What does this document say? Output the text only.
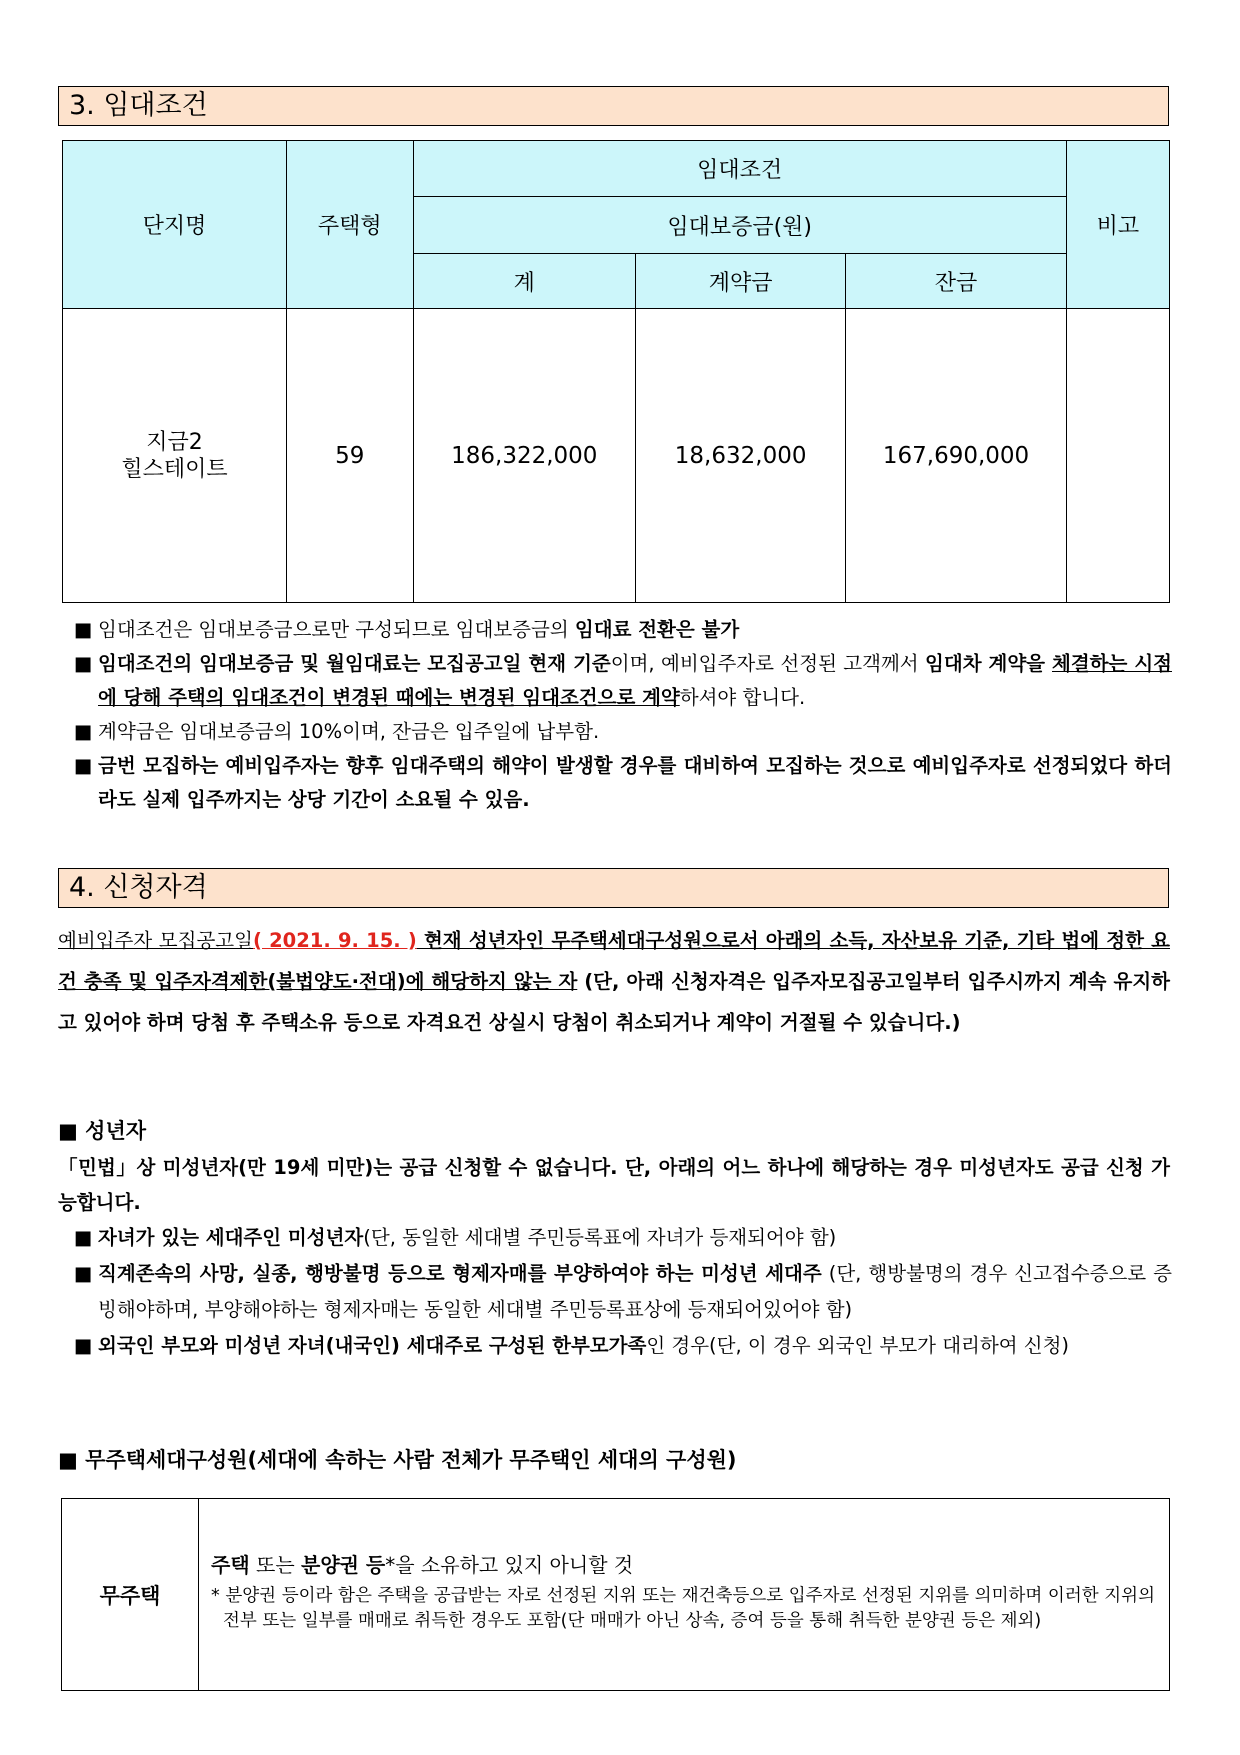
3. 임대조건
단지명	주택형	임대조건			비고
		임대보증금(원)			
		계	계약금	잔금	

지금2
힐스테이트	59	186,322,000	18,632,000	167,690,000	
■ 임대조건은 임대보증금으로만 구성되므로 임대보증금의 임대료 전환은 불가
■ 임대조건의 임대보증금 및 월임대료는 모집공고일 현재 기준이며, 예비입주자로 선정된 고객께서 임대차 계약을 체결하는 시점에 당해 주택의 임대조건이 변경된 때에는 변경된 임대조건으로 계약하셔야 합니다.
■ 계약금은 임대보증금의 10%이며, 잔금은 입주일에 납부함.
■ 금번 모집하는 예비입주자는 향후 임대주택의 해약이 발생할 경우를 대비하여 모집하는 것으로 예비입주자로 선정되었다 하더라도 실제 입주까지는 상당 기간이 소요될 수 있음.
4. 신청자격
예비입주자 모집공고일( 2021. 9. 15. ) 현재 성년자인 무주택세대구성원으로서 아래의 소득, 자산보유 기준, 기타 법에 정한 요건 충족 및 입주자격제한(불법양도·전대)에 해당하지 않는 자 (단, 아래 신청자격은 입주자모집공고일부터 입주시까지 계속 유지하고 있어야 하며 당첨 후 주택소유 등으로 자격요건 상실시 당첨이 취소되거나 계약이 거절될 수 있습니다.)
■ 성년자
「민법」상 미성년자(만 19세 미만)는 공급 신청할 수 없습니다. 단, 아래의 어느 하나에 해당하는 경우 미성년자도 공급 신청 가능합니다.
■ 자녀가 있는 세대주인 미성년자(단, 동일한 세대별 주민등록표에 자녀가 등재되어야 함)
■ 직계존속의 사망, 실종, 행방불명 등으로 형제자매를 부양하여야 하는 미성년 세대주 (단, 행방불명의 경우 신고접수증으로 증빙해야하며, 부양해야하는 형제자매는 동일한 세대별 주민등록표상에 등재되어있어야 함)
■ 외국인 부모와 미성년 자녀(내국인) 세대주로 구성된 한부모가족인 경우(단, 이 경우 외국인 부모가 대리하여 신청)
■ 무주택세대구성원(세대에 속하는 사람 전체가 무주택인 세대의 구성원)
무주택	
주택 또는 분양권 등*을 소유하고 있지 아니할 것
* 분양권 등이라 함은 주택을 공급받는 자로 선정된 지위 또는 재건축등으로 입주자로 선정된 지위를 의미하며 이러한 지위의 전부 또는 일부를 매매로 취득한 경우도 포함(단 매매가 아닌 상속, 증여 등을 통해 취득한 분양권 등은 제외)
